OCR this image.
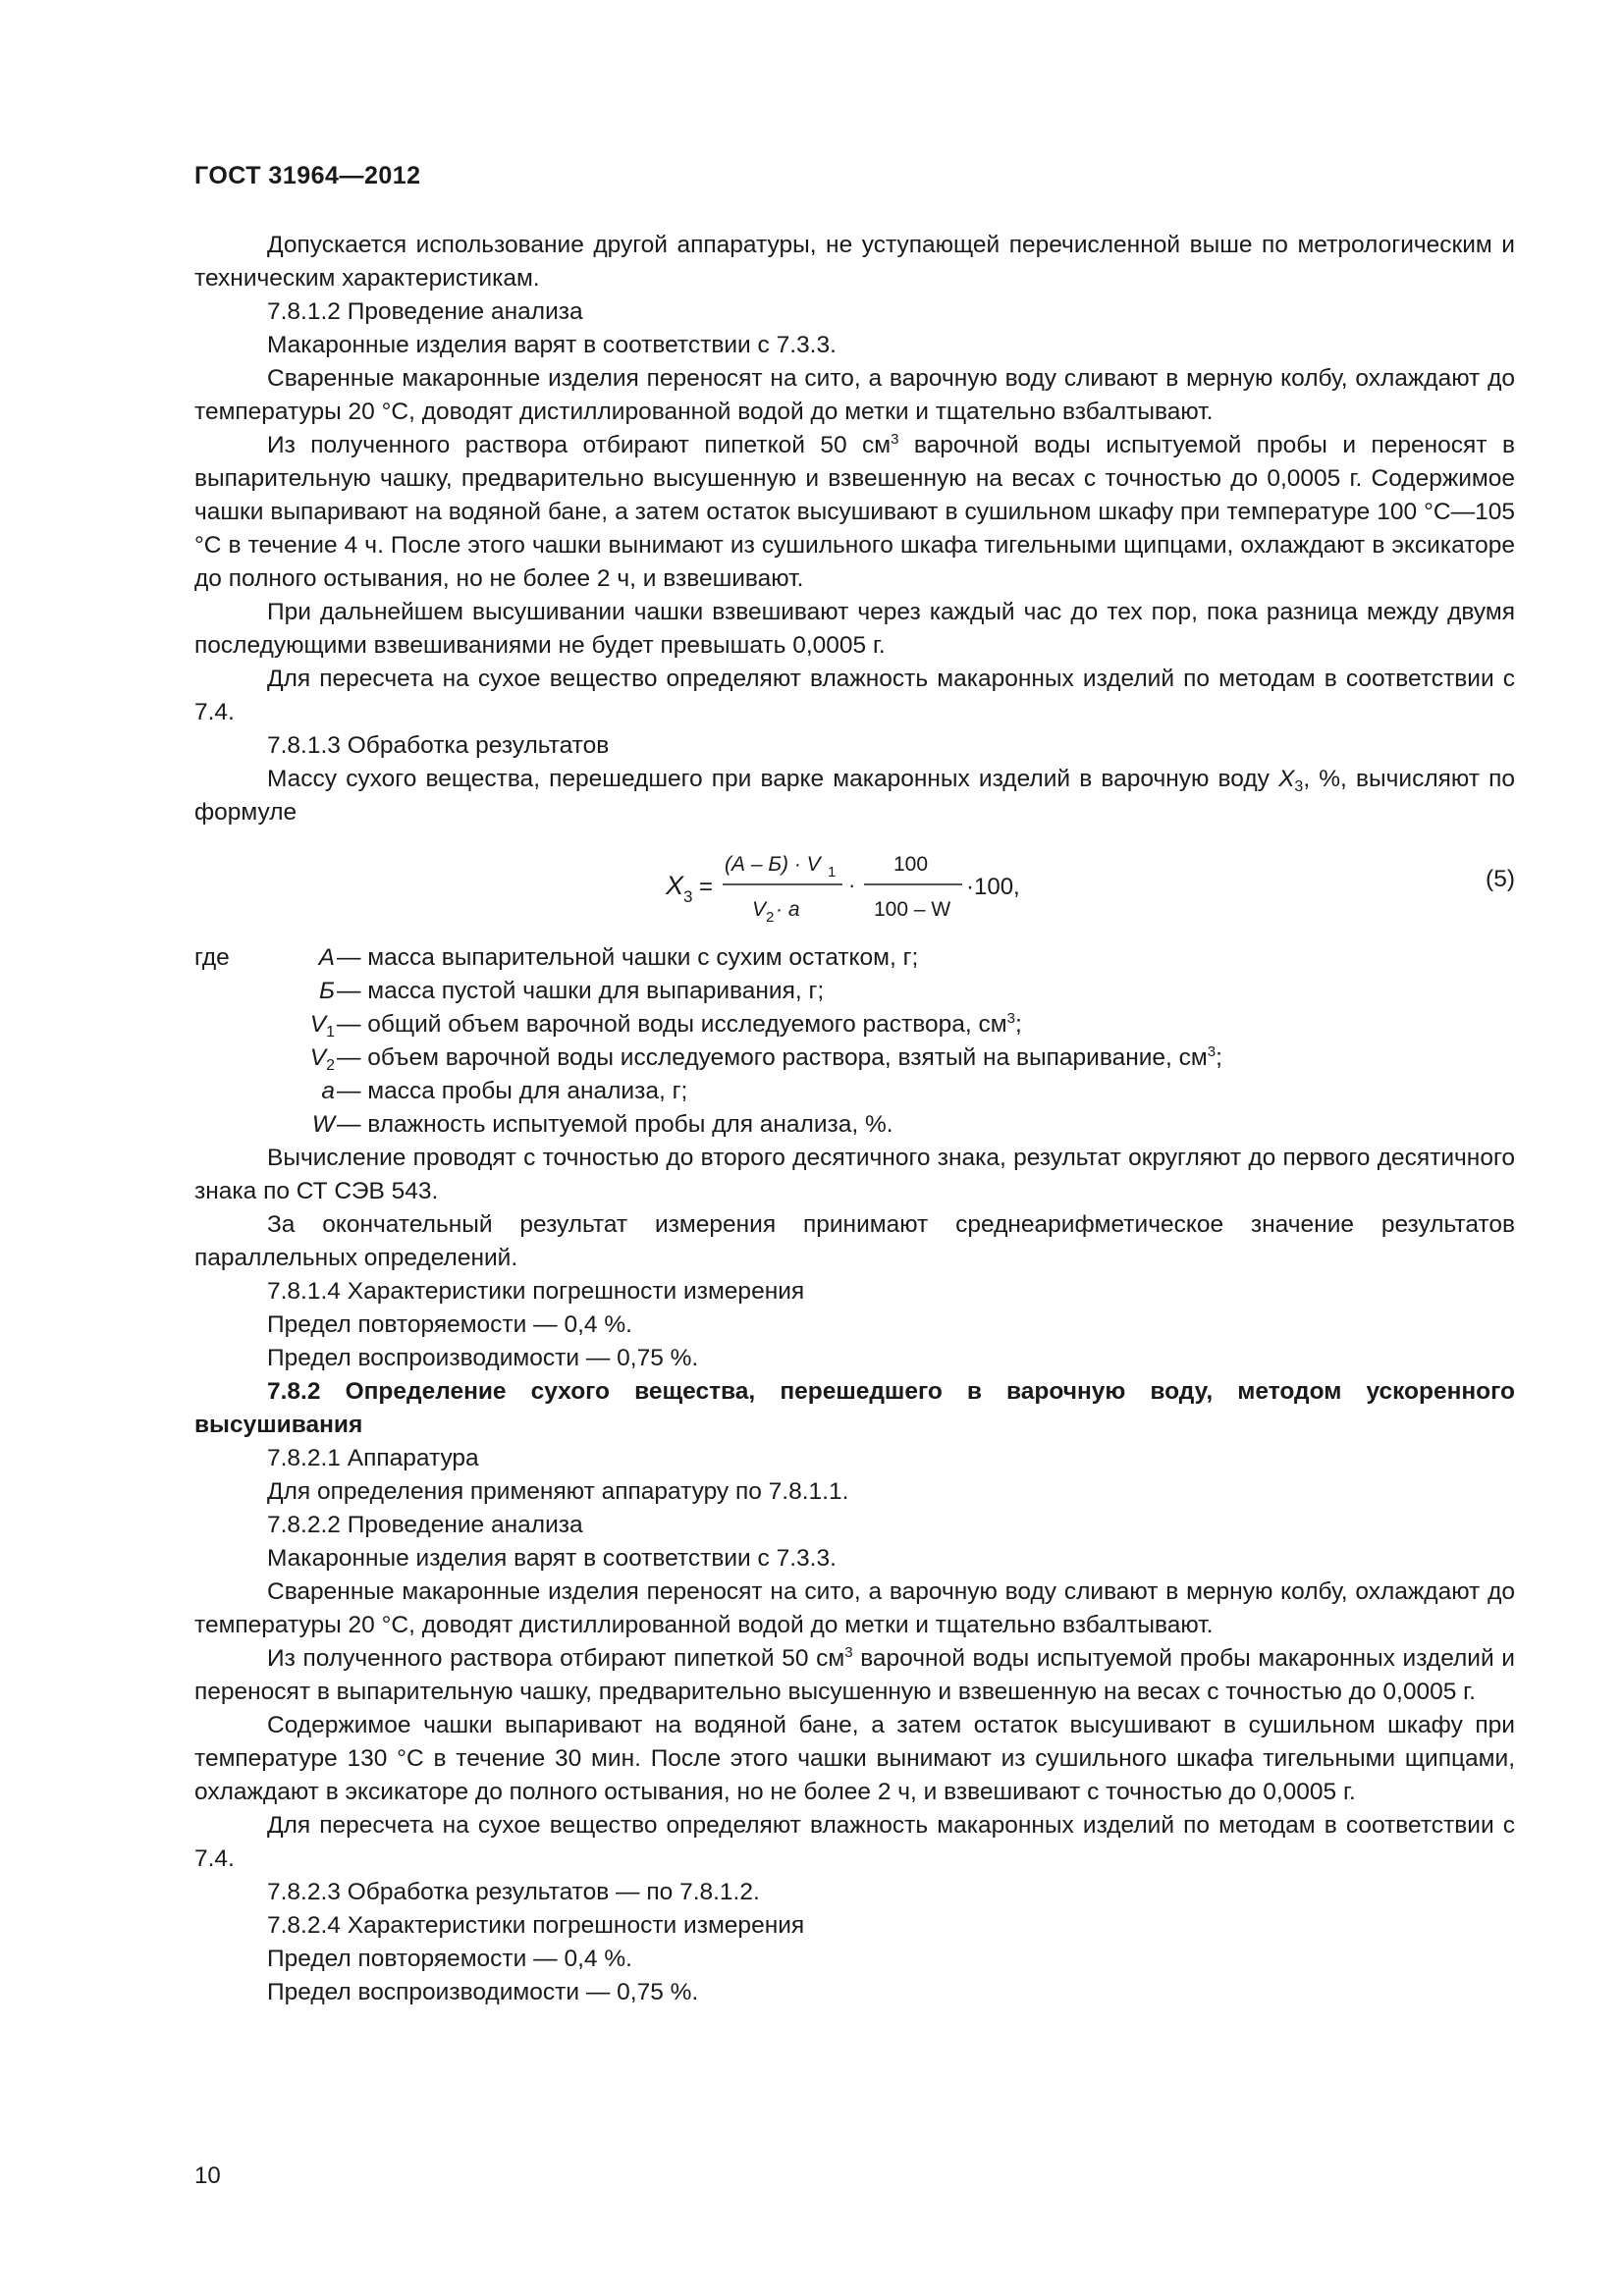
ГОСТ 31964—2012

Допускается использование другой аппаратуры, не уступающей перечисленной выше по метрологическим и техническим характеристикам.

7.8.1.2 Проведение анализа

Макаронные изделия варят в соответствии с 7.3.3.

Сваренные макаронные изделия переносят на сито, а варочную воду сливают в мерную колбу, охлаждают до температуры 20 °С, доводят дистиллированной водой до метки и тщательно взбалтывают.

Из полученного раствора отбирают пипеткой 50 $см^3$ варочной воды испытуемой пробы и переносят в выпарительную чашку, предварительно высушенную и взвешенную на весах с точностью до 0,0005 г. Содержимое чашки выпаривают на водяной бане, а затем остаток высушивают в сушильном шкафу при температуре 100 °С—105 °С в течение 4 ч. После этого чашки вынимают из сушильного шкафа тигельными щипцами, охлаждают в эксикаторе до полного остывания, но не более 2 ч, и взвешивают.

При дальнейшем высушивании чашки взвешивают через каждый час до тех пор, пока разница между двумя последующими взвешиваниями не будет превышать 0,0005 г.

Для пересчета на сухое вещество определяют влажность макаронных изделий по методам в соответствии с 7.4.

7.8.1.3 Обработка результатов

Массу сухого вещества, перешедшего при варке макаронных изделий в варочную воду $X_3$, %, вычисляют по формуле

X 3 =
(А – Б) · V 1
V 2 · a
·
100
100 – W
·100,	(5)
где	А — масса выпарительной чашки с сухим остатком, г;
Б — масса пустой чашки для выпаривания, г;
$V_1$ — общий объем варочной воды исследуемого раствора, $см^3$;
$V_2$ — объем варочной воды исследуемого раствора, взятый на выпаривание, $см^3$;
a — масса пробы для анализа, г;
W — влажность испытуемой пробы для анализа, %.

Вычисление проводят с точностью до второго десятичного знака, результат округляют до первого десятичного знака по СТ СЭВ 543.

За окончательный результат измерения принимают среднеарифметическое значение результатов параллельных определений.

7.8.1.4 Характеристики погрешности измерения

Предел повторяемости — 0,4 %.

Предел воспроизводимости — 0,75 %.

7.8.2 Определение сухого вещества, перешедшего в варочную воду, методом ускоренного высушивания

7.8.2.1 Аппаратура

Для определения применяют аппаратуру по 7.8.1.1.

7.8.2.2 Проведение анализа

Макаронные изделия варят в соответствии с 7.3.3.

Сваренные макаронные изделия переносят на сито, а варочную воду сливают в мерную колбу, охлаждают до температуры 20 °С, доводят дистиллированной водой до метки и тщательно взбалтывают.

Из полученного раствора отбирают пипеткой 50 $см^3$ варочной воды испытуемой пробы макаронных изделий и переносят в выпарительную чашку, предварительно высушенную и взвешенную на весах с точностью до 0,0005 г.

Содержимое чашки выпаривают на водяной бане, а затем остаток высушивают в сушильном шкафу при температуре 130 °С в течение 30 мин. После этого чашки вынимают из сушильного шкафа тигельными щипцами, охлаждают в эксикаторе до полного остывания, но не более 2 ч, и взвешивают с точностью до 0,0005 г.

Для пересчета на сухое вещество определяют влажность макаронных изделий по методам в соответствии с 7.4.

7.8.2.3 Обработка результатов — по 7.8.1.2.

7.8.2.4 Характеристики погрешности измерения

Предел повторяемости — 0,4 %.

Предел воспроизводимости — 0,75 %.

10
